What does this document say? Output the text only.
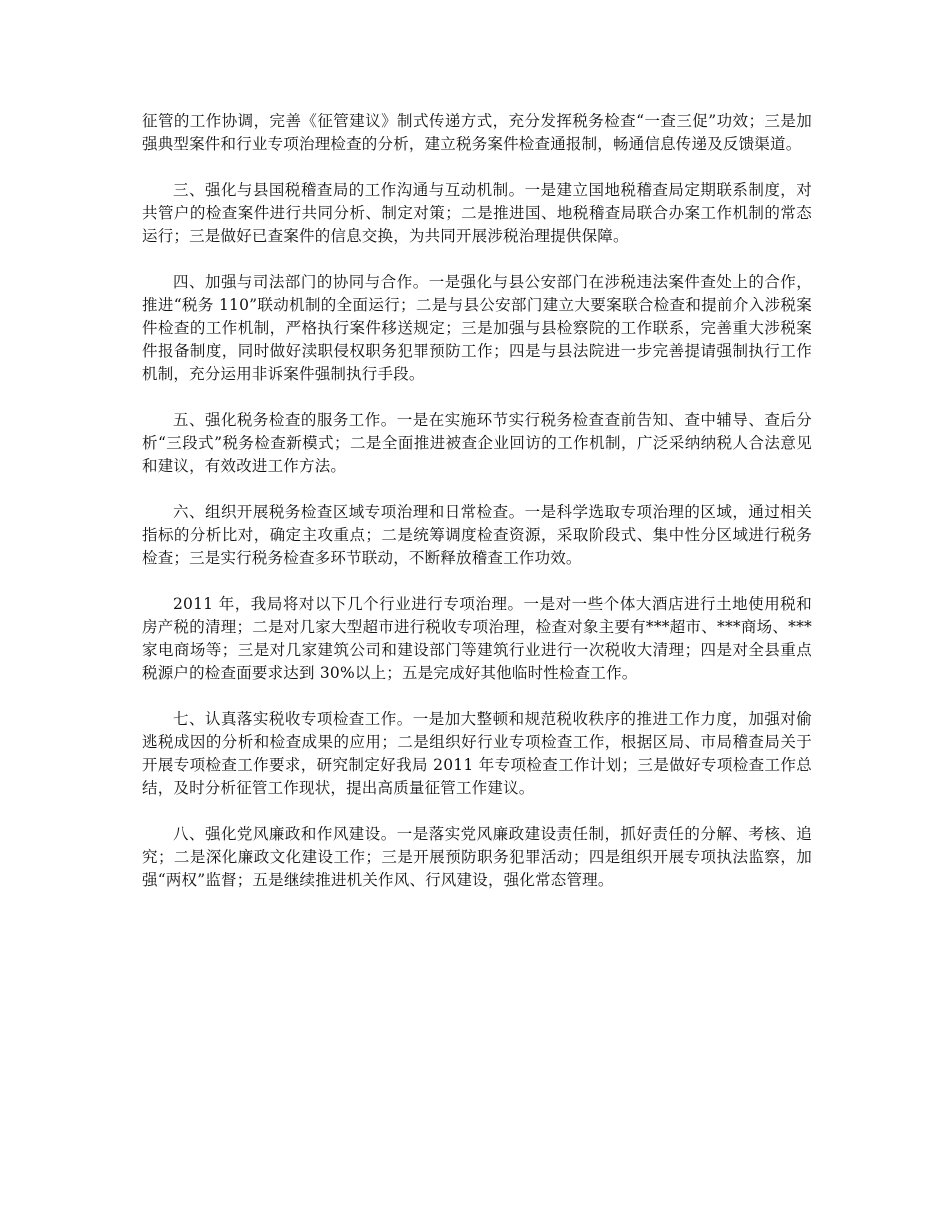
征管的工作协调，完善《征管建议》制式传递方式，充分发挥税务检查“一查三促”功效；三是加强典型案件和行业专项治理检查的分析，建立税务案件检查通报制，畅通信息传递及反馈渠道。

三、强化与县国税稽查局的工作沟通与互动机制。一是建立国地税稽查局定期联系制度，对共管户的检查案件进行共同分析、制定对策；二是推进国、地税稽查局联合办案工作机制的常态运行；三是做好已查案件的信息交换，为共同开展涉税治理提供保障。

四、加强与司法部门的协同与合作。一是强化与县公安部门在涉税违法案件查处上的合作，推进“税务 110”联动机制的全面运行；二是与县公安部门建立大要案联合检查和提前介入涉税案件检查的工作机制，严格执行案件移送规定；三是加强与县检察院的工作联系，完善重大涉税案件报备制度，同时做好渎职侵权职务犯罪预防工作；四是与县法院进一步完善提请强制执行工作机制，充分运用非诉案件强制执行手段。

五、强化税务检查的服务工作。一是在实施环节实行税务检查查前告知、查中辅导、查后分析“三段式”税务检查新模式；二是全面推进被查企业回访的工作机制，广泛采纳纳税人合法意见和建议，有效改进工作方法。

六、组织开展税务检查区域专项治理和日常检查。一是科学选取专项治理的区域，通过相关指标的分析比对，确定主攻重点；二是统筹调度检查资源，采取阶段式、集中性分区域进行税务检查；三是实行税务检查多环节联动，不断释放稽查工作功效。

2011 年，我局将对以下几个行业进行专项治理。一是对一些个体大酒店进行土地使用税和房产税的清理；二是对几家大型超市进行税收专项治理，检查对象主要有***超市、***商场、***家电商场等；三是对几家建筑公司和建设部门等建筑行业进行一次税收大清理；四是对全县重点税源户的检查面要求达到 30%以上；五是完成好其他临时性检查工作。

七、认真落实税收专项检查工作。一是加大整顿和规范税收秩序的推进工作力度，加强对偷逃税成因的分析和检查成果的应用；二是组织好行业专项检查工作，根据区局、市局稽查局关于开展专项检查工作要求，研究制定好我局 2011 年专项检查工作计划；三是做好专项检查工作总结，及时分析征管工作现状，提出高质量征管工作建议。

八、强化党风廉政和作风建设。一是落实党风廉政建设责任制，抓好责任的分解、考核、追究；二是深化廉政文化建设工作；三是开展预防职务犯罪活动；四是组织开展专项执法监察，加强“两权”监督；五是继续推进机关作风、行风建设，强化常态管理。
